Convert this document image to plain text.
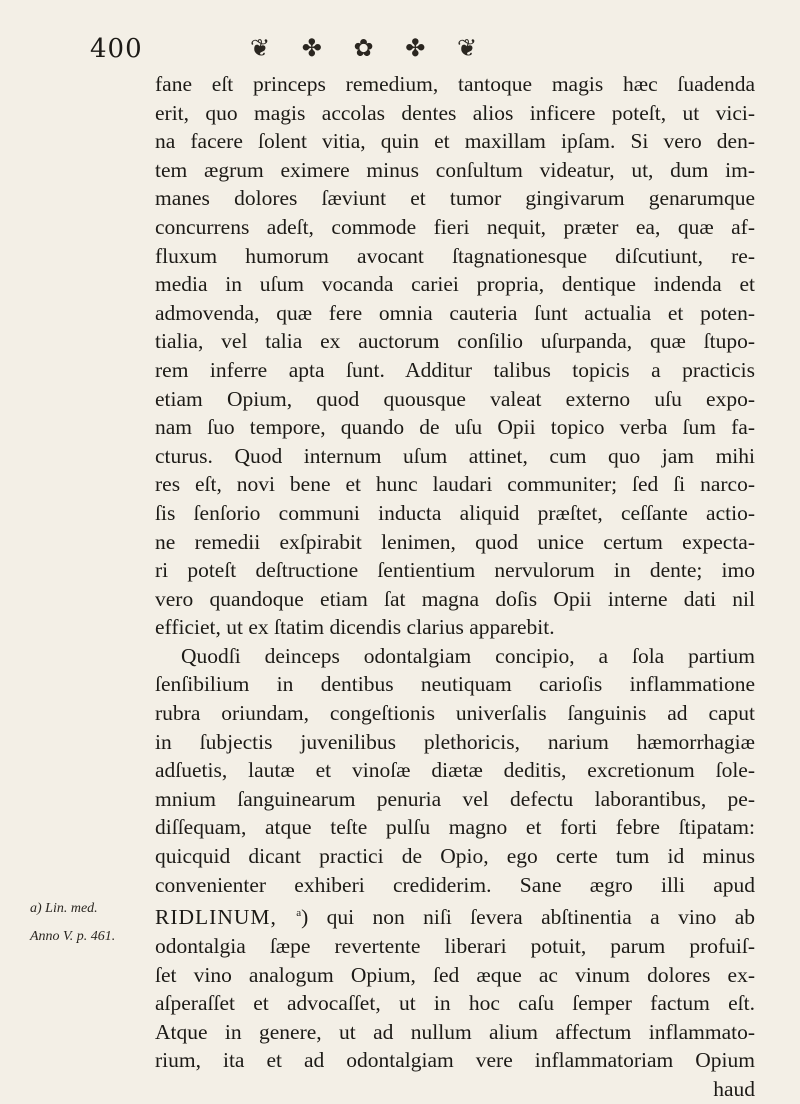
400	❦ ✤ ✿ ✤ ❦
fane eſt princeps remedium, tantoque magis hæc ſuadenda
erit, quo magis accolas dentes alios inficere poteſt, ut vici-
na facere ſolent vitia, quin et maxillam ipſam. Si vero den-
tem ægrum eximere minus conſultum videatur, ut, dum im-
manes dolores ſæviunt et tumor gingivarum genarumque
concurrens adeſt, commode fieri nequit, præter ea, quæ af-
fluxum humorum avocant ſtagnationesque diſcutiunt, re-
media in uſum vocanda cariei propria, dentique indenda et
admovenda, quæ fere omnia cauteria ſunt actualia et poten-
tialia, vel talia ex auctorum conſilio uſurpanda, quæ ſtupo-
rem inferre apta ſunt. Additur talibus topicis a practicis
etiam Opium, quod quousque valeat externo uſu expo-
nam ſuo tempore, quando de uſu Opii topico verba ſum fa-
cturus. Quod internum uſum attinet, cum quo jam mihi
res eſt, novi bene et hunc laudari communiter; ſed ſi narco-
ſis ſenſorio communi inducta aliquid præſtet, ceſſante actio-
ne remedii exſpirabit lenimen, quod unice certum expecta-
ri poteſt deſtructione ſentientium nervulorum in dente; imo
vero quandoque etiam ſat magna doſis Opii interne dati nil
efficiet, ut ex ſtatim dicendis clarius apparebit.
Quodſi deinceps odontalgiam concipio, a ſola partium
ſenſibilium in dentibus neutiquam carioſis inflammatione
rubra oriundam, congeſtionis univerſalis ſanguinis ad caput
in ſubjectis juvenilibus plethoricis, narium hæmorrhagiæ
adſuetis, lautæ et vinoſæ diætæ deditis, excretionum ſole-
mnium ſanguinearum penuria vel defectu laborantibus, pe-
diſſequam, atque teſte pulſu magno et forti febre ſtipatam:
quicquid dicant practici de Opio, ego certe tum id minus
convenienter exhiberi crediderim. Sane ægro illi apud
RIDLINUM, $^a$) qui non niſi ſevera abſtinentia a vino ab
odontalgia ſæpe revertente liberari potuit, parum profuiſ-
ſet vino analogum Opium, ſed æque ac vinum dolores ex-
aſperaſſet et advocaſſet, ut in hoc caſu ſemper factum eſt.
Atque in genere, ut ad nullum alium affectum inflammato-
rium, ita et ad odontalgiam vere inflammatoriam Opium
haud
a) Lin. med.
Anno V. p. 461.
